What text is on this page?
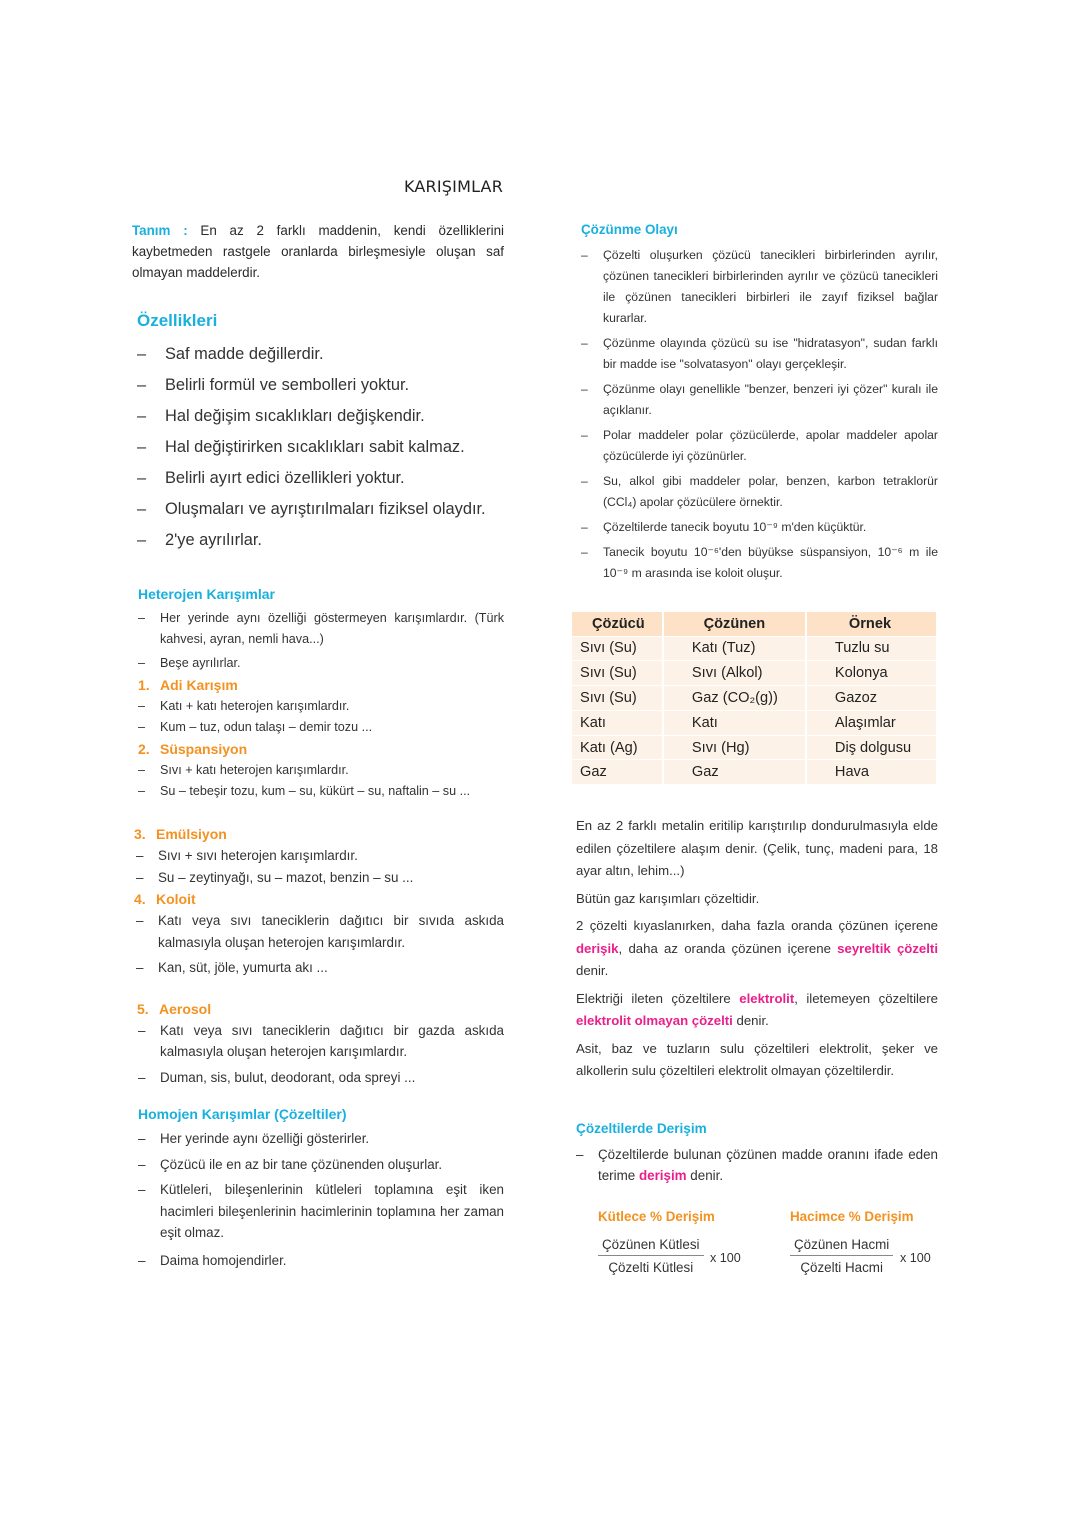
KARIŞIMLAR

Tanım : En az 2 farklı maddenin, kendi özelliklerini kaybetmeden rastgele oranlarda birleşmesiyle oluşan saf olmayan maddelerdir.

Özellikleri
– Saf madde değillerdir.
– Belirli formül ve sembolleri yoktur.
– Hal değişim sıcaklıkları değişkendir.
– Hal değiştirirken sıcaklıkları sabit kalmaz.
– Belirli ayırt edici özellikleri yoktur.
– Oluşmaları ve ayrıştırılmaları fiziksel olaydır.
– 2'ye ayrılırlar.
Heterojen Karışımlar
– Her yerinde aynı özelliği göstermeyen karışımlardır. (Türk kahvesi, ayran, nemli hava...)
– Beşe ayrılırlar.
1. Adi Karışım
– Katı + katı heterojen karışımlardır.
– Kum – tuz, odun talaşı – demir tozu ...
2. Süspansiyon
– Sıvı + katı heterojen karışımlardır.
– Su – tebeşir tozu, kum – su, kükürt – su, naftalin – su ...
3. Emülsiyon
– Sıvı + sıvı heterojen karışımlardır.
– Su – zeytinyağı, su – mazot, benzin – su ...
4. Koloit
– Katı veya sıvı taneciklerin dağıtıcı bir sıvıda askıda kalmasıyla oluşan heterojen karışımlardır.
– Kan, süt, jöle, yumurta akı ...
5. Aerosol
– Katı veya sıvı taneciklerin dağıtıcı bir gazda askıda kalmasıyla oluşan heterojen karışımlardır.
– Duman, sis, bulut, deodorant, oda spreyi ...
Homojen Karışımlar (Çözeltiler)
– Her yerinde aynı özelliği gösterirler.
– Çözücü ile en az bir tane çözünenden oluşurlar.
– Kütleleri, bileşenlerinin kütleleri toplamına eşit iken hacimleri bileşenlerinin hacimlerinin toplamına her zaman eşit olmaz.
– Daima homojendirler.
Çözünme Olayı
– Çözelti oluşurken çözücü tanecikleri birbirlerinden ayrılır, çözünen tanecikleri birbirlerinden ayrılır ve çözücü tanecikleri ile çözünen tanecikleri birbirleri ile zayıf fiziksel bağlar kurarlar.
– Çözünme olayında çözücü su ise "hidratasyon", sudan farklı bir madde ise "solvatasyon" olayı gerçekleşir.
– Çözünme olayı genellikle "benzer, benzeri iyi çözer" kuralı ile açıklanır.
– Polar maddeler polar çözücülerde, apolar maddeler apolar çözücülerde iyi çözünürler.
– Su, alkol gibi maddeler polar, benzen, karbon tetraklorür (CCl₄) apolar çözücülere örnektir.
– Çözeltilerde tanecik boyutu 10⁻⁹ m'den küçüktür.
– Tanecik boyutu 10⁻⁶'den büyükse süspansiyon, 10⁻⁶ m ile 10⁻⁹ m arasında ise koloit oluşur.
Çözücü	Çözünen	Örnek
Sıvı (Su)	Katı (Tuz)	Tuzlu su
Sıvı (Su)	Sıvı (Alkol)	Kolonya
Sıvı (Su)	Gaz (CO₂(g))	Gazoz
Katı	Katı	Alaşımlar
Katı (Ag)	Sıvı (Hg)	Diş dolgusu
Gaz	Gaz	Hava

En az 2 farklı metalin eritilip karıştırılıp dondurulmasıyla elde edilen çözeltilere alaşım denir. (Çelik, tunç, madeni para, 18 ayar altın, lehim...)

Bütün gaz karışımları çözeltidir.

2 çözelti kıyaslanırken, daha fazla oranda çözünen içerene derişik, daha az oranda çözünen içerene seyreltik çözelti denir.

Elektriği ileten çözeltilere elektrolit, iletemeyen çözeltilere elektrolit olmayan çözelti denir.

Asit, baz ve tuzların sulu çözeltileri elektrolit, şeker ve alkollerin sulu çözeltileri elektrolit olmayan çözeltilerdir.

Çözeltilerde Derişim
– Çözeltilerde bulunan çözünen madde oranını ifade eden terime derişim denir.
Kütlece % Derişim
Çözünen Kütlesi
Çözelti Kütlesi
x 100
Hacimce % Derişim
Çözünen Hacmi
Çözelti Hacmi
x 100
